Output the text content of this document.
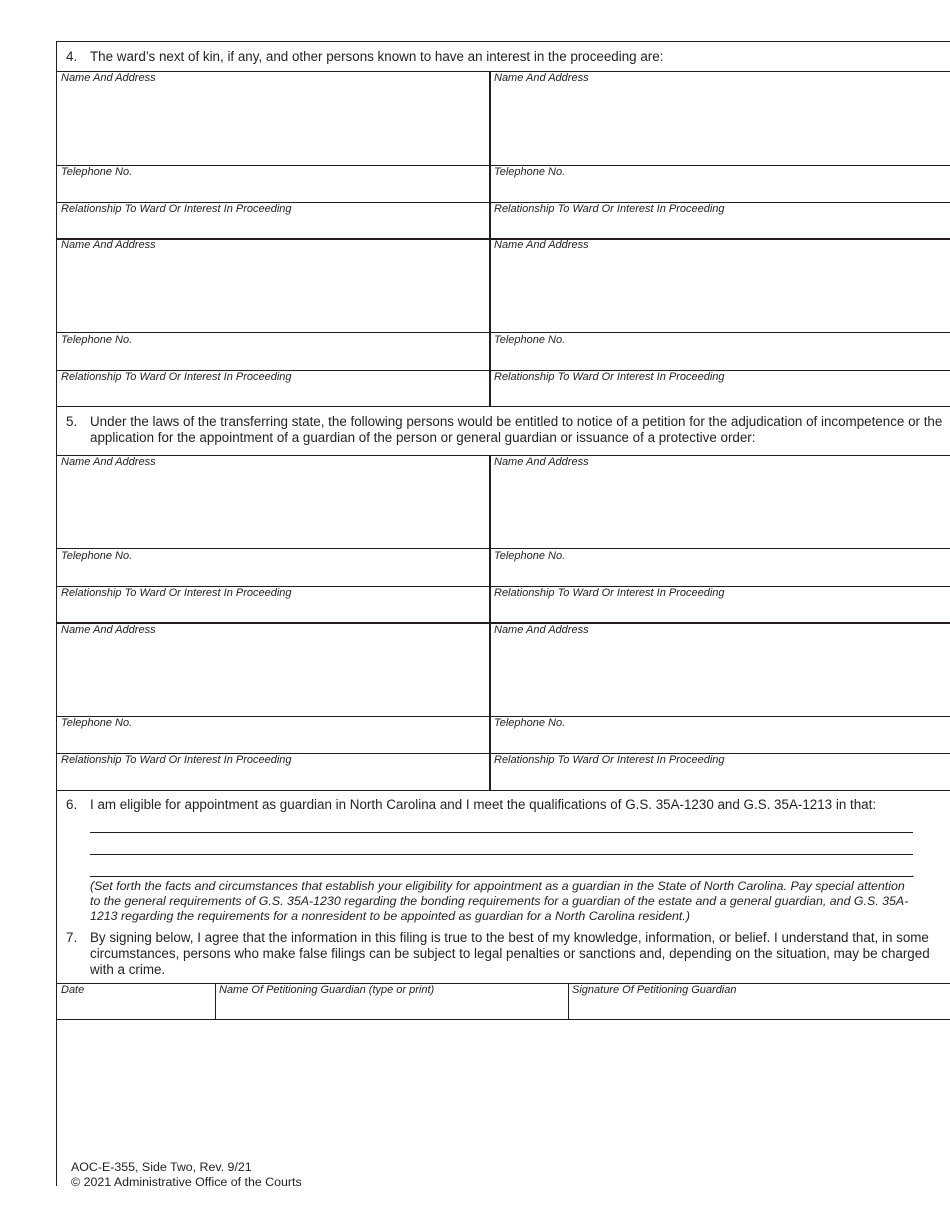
4. The ward’s next of kin, if any, and other persons known to have an interest in the proceeding are:
Name And Address	Name And Address
Telephone No.	Telephone No.
Relationship To Ward Or Interest In Proceeding	Relationship To Ward Or Interest In Proceeding
Name And Address	Name And Address
Telephone No.	Telephone No.
Relationship To Ward Or Interest In Proceeding	Relationship To Ward Or Interest In Proceeding
5. Under the laws of the transferring state, the following persons would be entitled to notice of a petition for the adjudication of incompetence or the application for the appointment of a guardian of the person or general guardian or issuance of a protective order:
Name And Address	Name And Address
Telephone No.	Telephone No.
Relationship To Ward Or Interest In Proceeding	Relationship To Ward Or Interest In Proceeding
Name And Address	Name And Address
Telephone No.	Telephone No.
Relationship To Ward Or Interest In Proceeding	Relationship To Ward Or Interest In Proceeding
6. I am eligible for appointment as guardian in North Carolina and I meet the qualifications of G.S. 35A-1230 and G.S. 35A-1213 in that:
.
(Set forth the facts and circumstances that establish your eligibility for appointment as a guardian in the State of North Carolina. Pay special attention to the general requirements of G.S. 35A-1230 regarding the bonding requirements for a guardian of the estate and a general guardian, and G.S. 35A-1213 regarding the requirements for a nonresident to be appointed as guardian for a North Carolina resident.)
7. By signing below, I agree that the information in this filing is true to the best of my knowledge, information, or belief. I understand that, in some circumstances, persons who make false filings can be subject to legal penalties or sanctions and, depending on the situation, may be charged with a crime.
Date	Name Of Petitioning Guardian (type or print)	Signature Of Petitioning Guardian
AOC-E-355, Side Two, Rev. 9/21
© 2021 Administrative Office of the Courts
